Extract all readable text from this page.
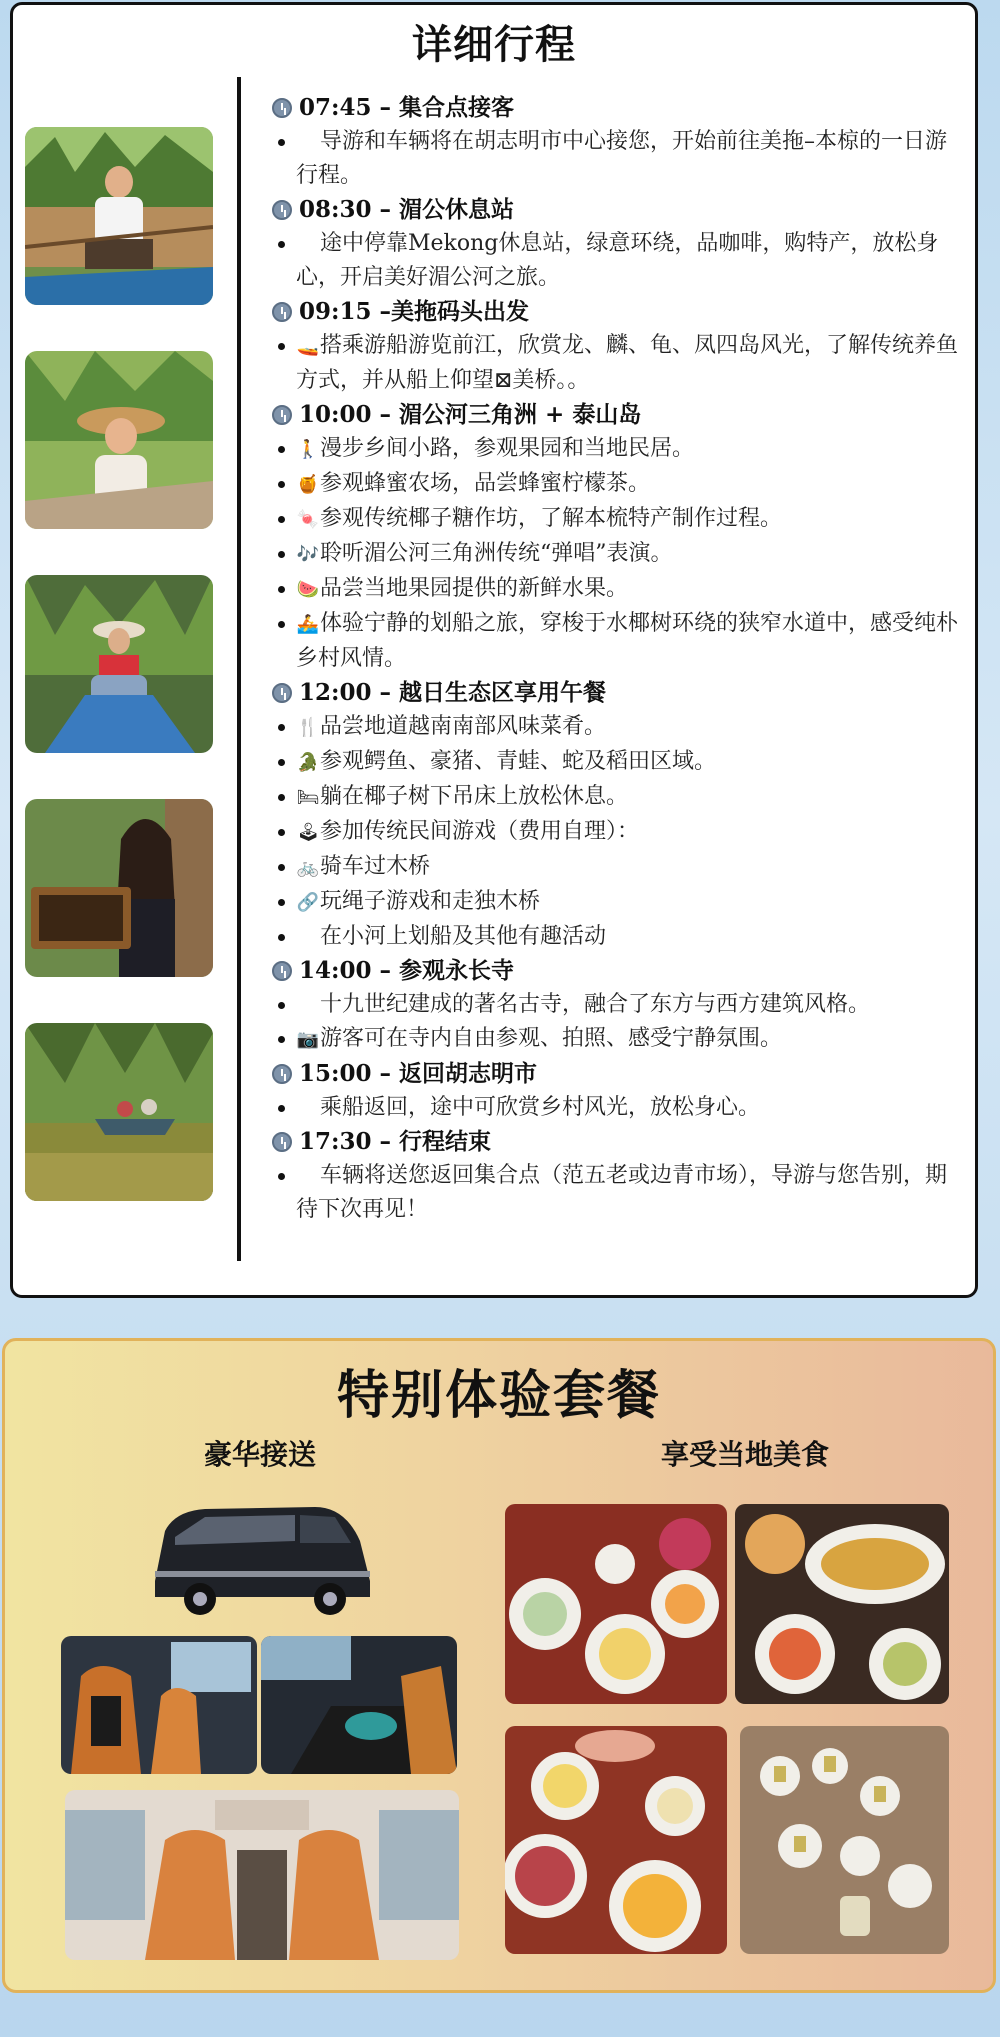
详细行程
07:45 – 集合点接客
导游和车辆将在胡志明市中心接您，开始前往美拖–本椋的一日游行程。
08:30 – 湄公休息站
途中停靠Mekong休息站，绿意环绕，品咖啡，购特产，放松身心，开启美好湄公河之旅。
09:15 – 美拖码头出发
🚤搭乘游船游览前江，欣赏龙、麟、龟、凤四岛风光，了解传统养鱼方式，并从船上仰望⊠美桥。。
10:00 – 湄公河三角洲 + 泰山岛
🚶漫步乡间小路，参观果园和当地民居。
🍯参观蜂蜜农场，品尝蜂蜜柠檬茶。
🍬参观传统椰子糖作坊，了解本梳特产制作过程。
🎶聆听湄公河三角洲传统“弹唱”表演。
🍉品尝当地果园提供的新鲜水果。
🚣体验宁静的划船之旅，穿梭于水椰树环绕的狭窄水道中，感受纯朴乡村风情。
12:00 – 越日生态区享用午餐
🍴品尝地道越南南部风味菜肴。
🐊参观鳄鱼、豪猪、青蛙、蛇及稻田区域。
🛏躺在椰子树下吊床上放松休息。
🕹参加传统民间游戏（费用自理）：
🚲骑车过木桥
🔗玩绳子游戏和走独木桥
在小河上划船及其他有趣活动
14:00 – 参观永长寺
十九世纪建成的著名古寺，融合了东方与西方建筑风格。
📷游客可在寺内自由参观、拍照、感受宁静氛围。
15:00 – 返回胡志明市
乘船返回，途中可欣赏乡村风光，放松身心。
17:30 – 行程结束
车辆将送您返回集合点（范五老或边青市场），导游与您告别，期待下次再见！
特别体验套餐
豪华接送	享受当地美食
